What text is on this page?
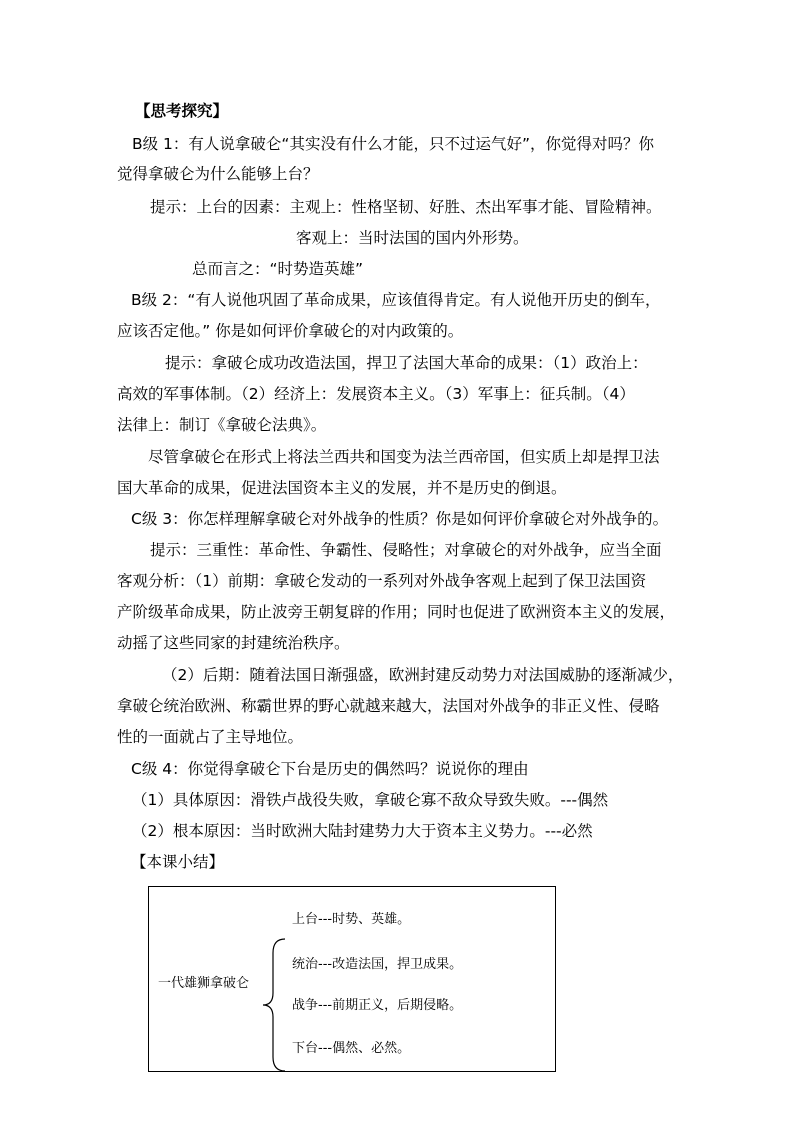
【思考探究】

B级 1：有人说拿破仑“其实没有什么才能，只不过运气好”，你觉得对吗？你

觉得拿破仑为什么能够上台？

提示：上台的因素：主观上：性格坚韧、好胜、杰出军事才能、冒险精神。

客观上：当时法国的国内外形势。

总而言之：“时势造英雄”

B级 2：“有人说他巩固了革命成果，应该值得肯定。有人说他开历史的倒车，

应该否定他。” 你是如何评价拿破仑的对内政策的。

提示：拿破仑成功改造法国，捍卫了法国大革命的成果：（1）政治上：

高效的军事体制。（2）经济上：发展资本主义。（3）军事上：征兵制。（4）

法律上：制订《拿破仑法典》。

尽管拿破仑在形式上将法兰西共和国变为法兰西帝国，但实质上却是捍卫法

国大革命的成果，促进法国资本主义的发展，并不是历史的倒退。

C级 3：你怎样理解拿破仑对外战争的性质？你是如何评价拿破仑对外战争的。

提示：三重性：革命性、争霸性、侵略性；对拿破仑的对外战争，应当全面

客观分析：（1）前期：拿破仑发动的一系列对外战争客观上起到了保卫法国资

产阶级革命成果，防止波旁王朝复辟的作用；同时也促进了欧洲资本主义的发展，

动摇了这些同家的封建统治秩序。

（2）后期：随着法国日渐强盛，欧洲封建反动势力对法国威胁的逐渐减少，

拿破仑统治欧洲、称霸世界的野心就越来越大，法国对外战争的非正义性、侵略

性的一面就占了主导地位。

C级 4：你觉得拿破仑下台是历史的偶然吗？说说你的理由

（1）具体原因：滑铁卢战役失败，拿破仑寡不敌众导致失败。---偶然

（2）根本原因：当时欧洲大陆封建势力大于资本主义势力。---必然

【本课小结】

一代雄狮拿破仑
上台---时势、英雄。
统治---改造法国，捍卫成果。
战争---前期正义，后期侵略。
下台---偶然、必然。
